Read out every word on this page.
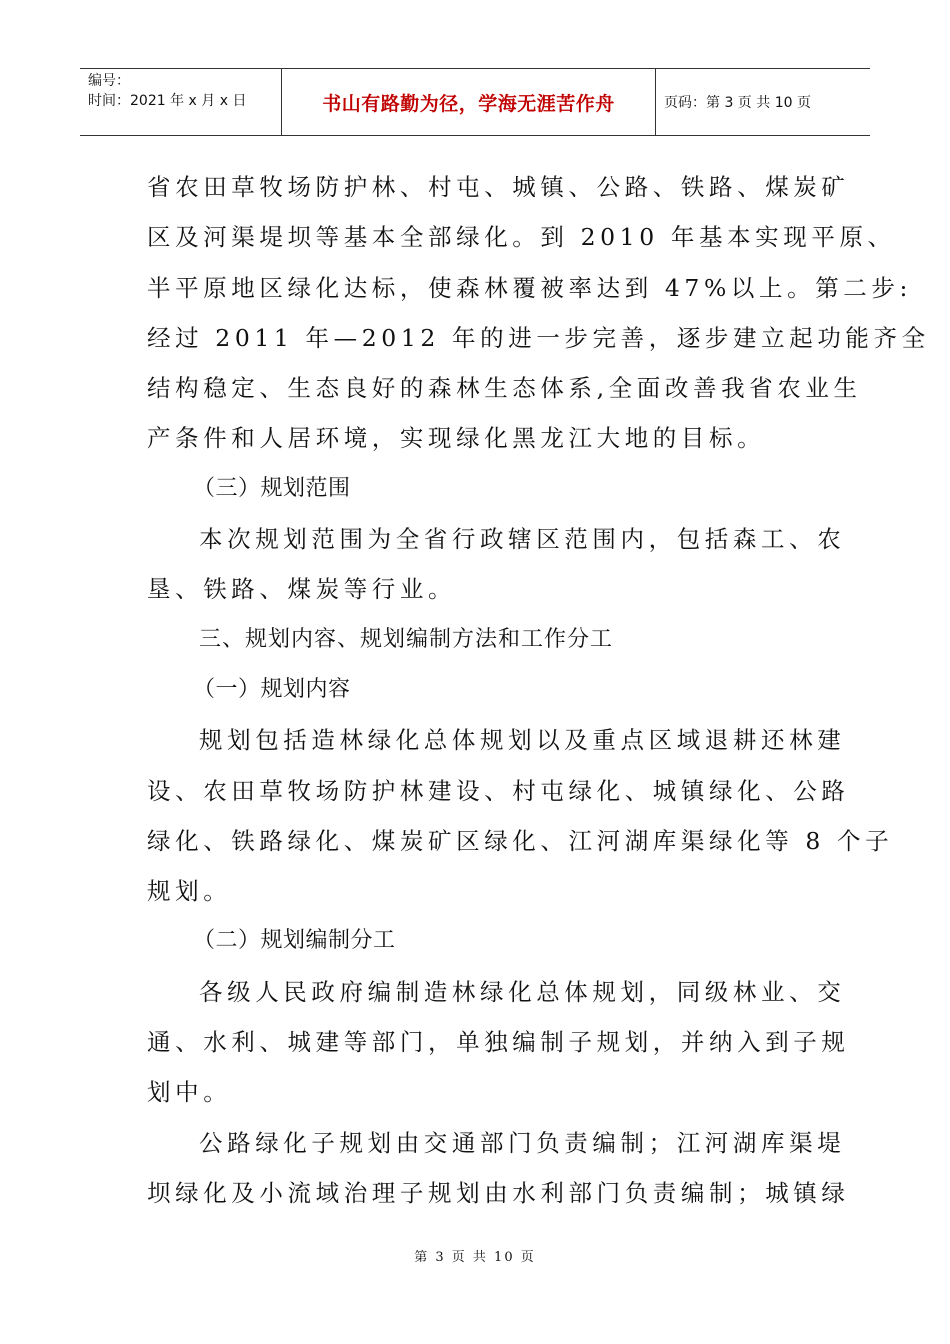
编号：
时间：2021 年 x 月 x 日	书山有路勤为径，学海无涯苦作舟	页码：第 3 页 共 10 页

省农田草牧场防护林、村屯、城镇、公路、铁路、煤炭矿

区及河渠堤坝等基本全部绿化。到 2010 年基本实现平原、

半平原地区绿化达标，使森林覆被率达到 47%以上。第二步:

经过 2011 年—2012 年的进一步完善，逐步建立起功能齐全

结构稳定、生态良好的森林生态体系,全面改善我省农业生

产条件和人居环境，实现绿化黑龙江大地的目标。

（三）规划范围

本次规划范围为全省行政辖区范围内，包括森工、农

垦、铁路、煤炭等行业。

三、规划内容、规划编制方法和工作分工

（一）规划内容

规划包括造林绿化总体规划以及重点区域退耕还林建

设、农田草牧场防护林建设、村屯绿化、城镇绿化、公路

绿化、铁路绿化、煤炭矿区绿化、江河湖库渠绿化等 8 个子

规划。

（二）规划编制分工

各级人民政府编制造林绿化总体规划，同级林业、交

通、水利、城建等部门，单独编制子规划，并纳入到子规

划中。

公路绿化子规划由交通部门负责编制；江河湖库渠堤

坝绿化及小流域治理子规划由水利部门负责编制；城镇绿

第 3 页 共 10 页
